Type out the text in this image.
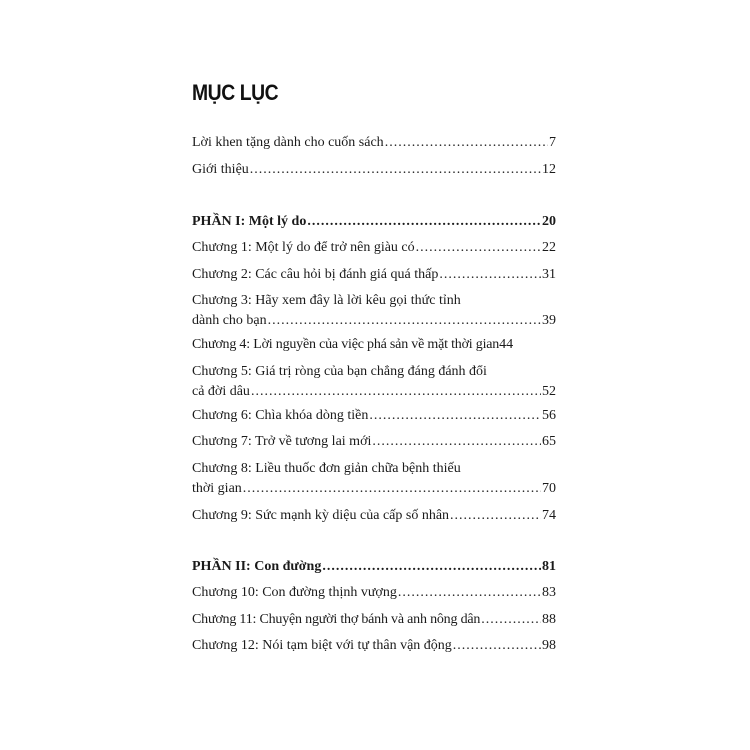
MỤC LỤC
Lời khen tặng dành cho cuốn sách .....	7
Giới thiệu .....	12
PHẦN I: Một lý do .....	20
Chương 1: Một lý do để trở nên giàu có .....	22
Chương 2: Các câu hỏi bị đánh giá quá thấp .....	31
Chương 3: Hãy xem đây là lời kêu gọi thức tỉnh
dành cho bạn .....	39
Chương 4: Lời nguyền của việc phá sản về mặt thời gian 44
Chương 5: Giá trị ròng của bạn chẳng đáng đánh đổi
cả đời dâu .....	52
Chương 6: Chìa khóa dòng tiền .....	56
Chương 7: Trở về tương lai mới .....	65
Chương 8: Liều thuốc đơn giản chữa bệnh thiếu
thời gian .....	70
Chương 9: Sức mạnh kỳ diệu của cấp số nhân .....	74
PHẦN II: Con đường .....	81
Chương 10: Con đường thịnh vượng .....	83
Chương 11: Chuyện người thợ bánh và anh nông dân .....	88
Chương 12: Nói tạm biệt với tự thân vận động .....	98
